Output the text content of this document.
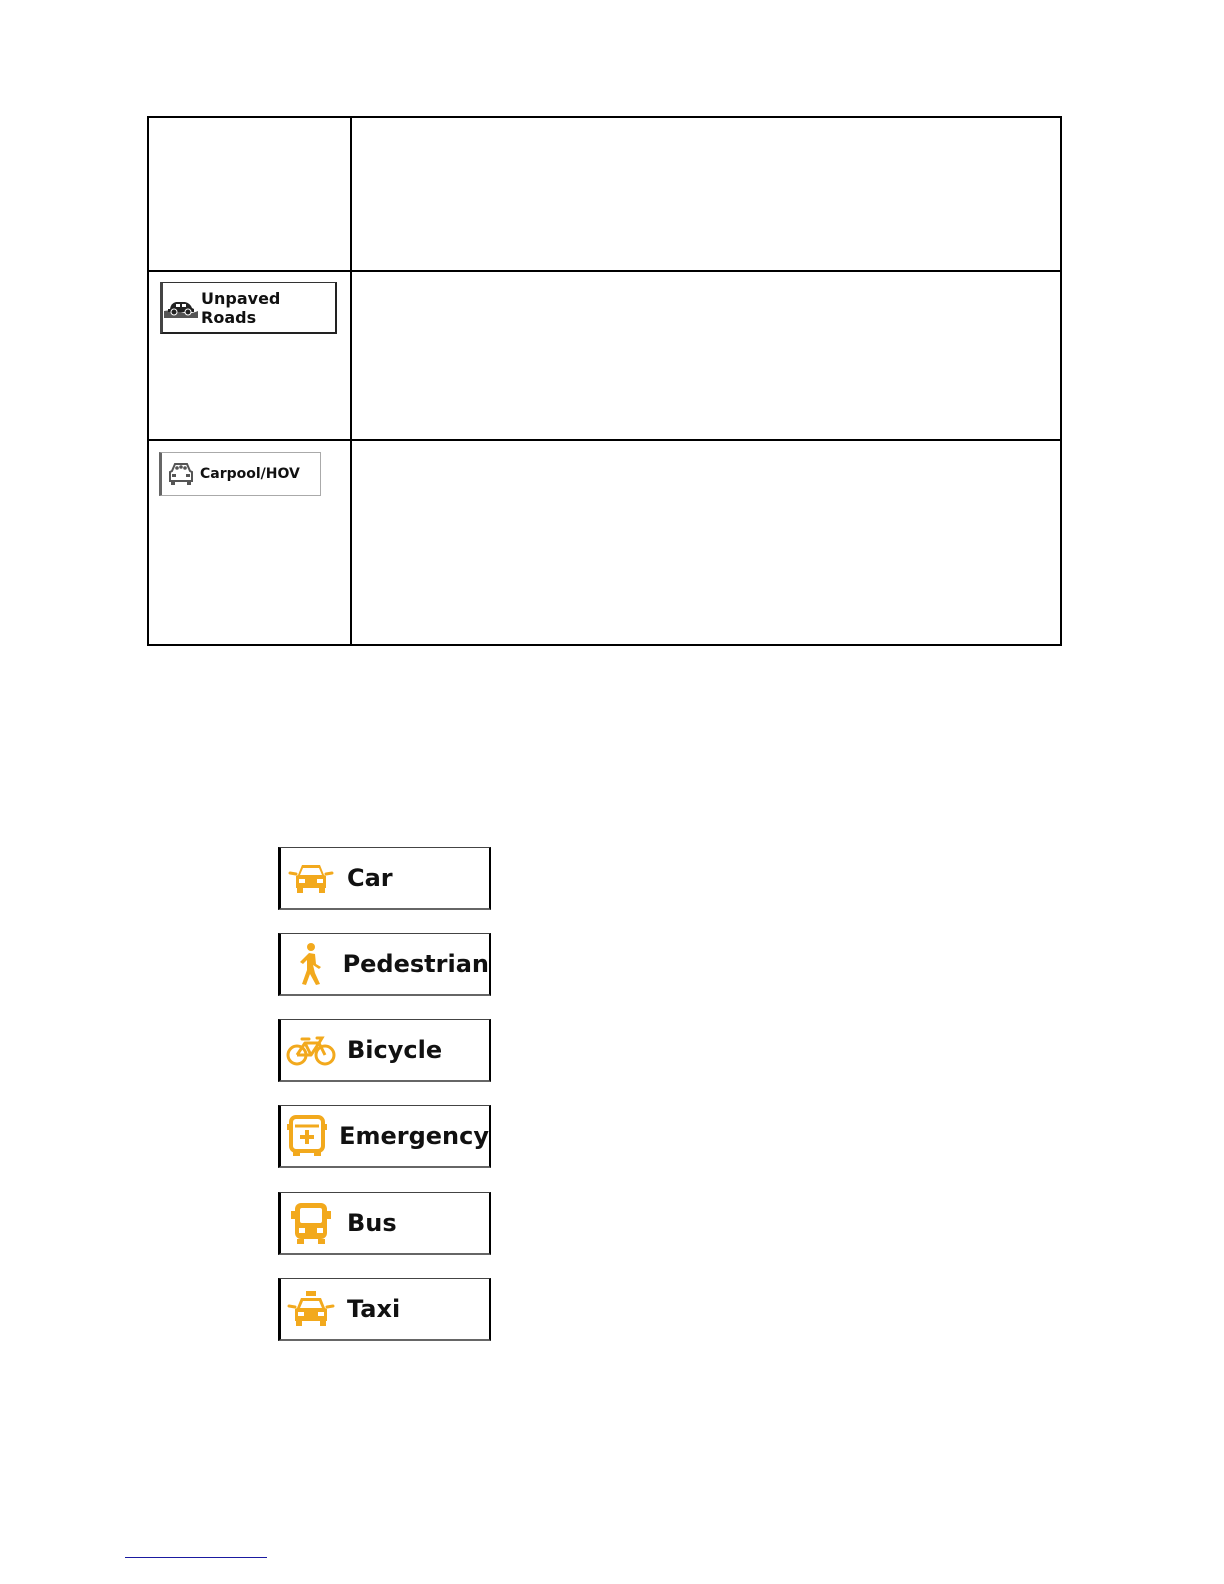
Unpaved Roads
Carpool/HOV
Car
Pedestrian
Bicycle
Emergency
Bus
Taxi
